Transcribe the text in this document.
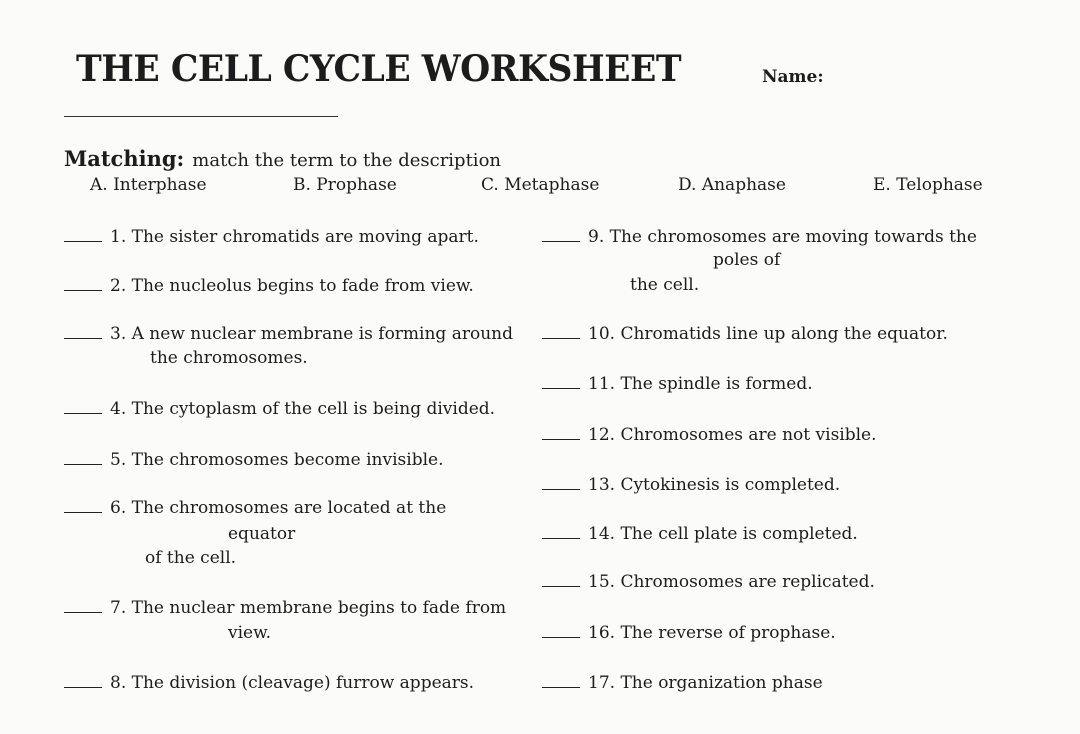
THE CELL CYCLE WORKSHEET	Name:
Matching: match the term to the description
A. Interphase	B. Prophase	C. Metaphase	D. Anaphase	E. Telophase
1. The sister chromatids are moving apart.
2. The nucleolus begins to fade from view.
3. A new nuclear membrane is forming around
the chromosomes.
4. The cytoplasm of the cell is being divided.
5. The chromosomes become invisible.
6. The chromosomes are located at the
equator
of the cell.
7. The nuclear membrane begins to fade from
view.
8. The division (cleavage) furrow appears.
9. The chromosomes are moving towards the
poles of
the cell.
10. Chromatids line up along the equator.
11. The spindle is formed.
12. Chromosomes are not visible.
13. Cytokinesis is completed.
14. The cell plate is completed.
15. Chromosomes are replicated.
16. The reverse of prophase.
17. The organization phase
